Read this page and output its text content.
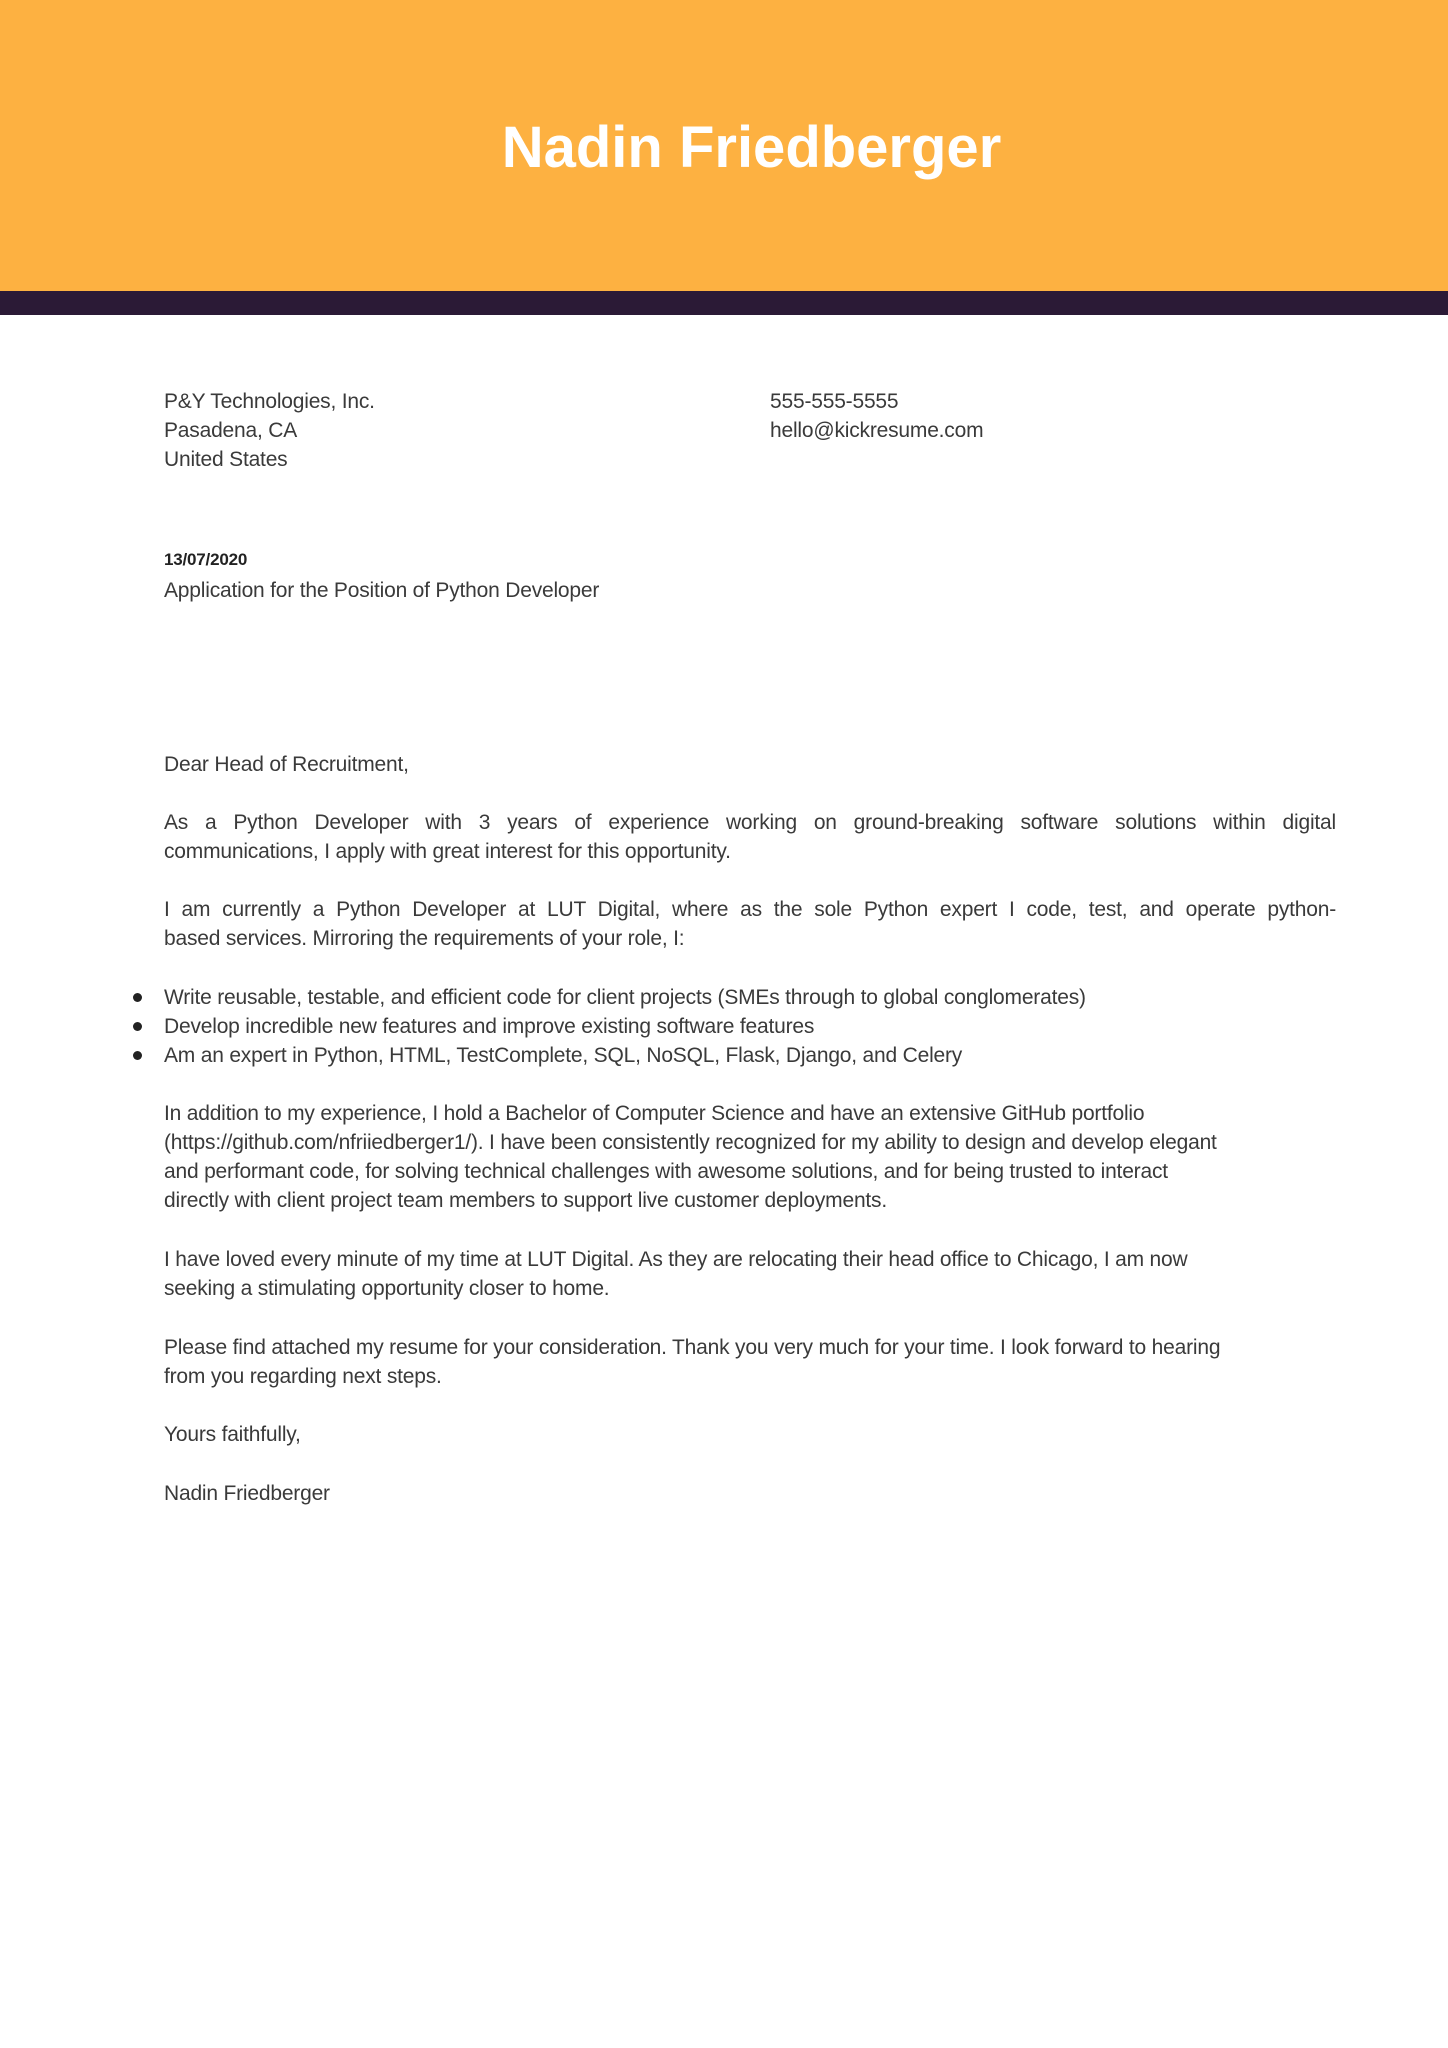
Nadin Friedberger
P&Y Technologies, Inc.
Pasadena, CA
United States
555-555-5555
hello@kickresume.com
13/07/2020
Application for the Position of Python Developer
Dear Head of Recruitment,
As a Python Developer with 3 years of experience working on ground-breaking software solutions within digital
communications, I apply with great interest for this opportunity.
I am currently a Python Developer at LUT Digital, where as the sole Python expert I code, test, and operate python-
based services. Mirroring the requirements of your role, I:
Write reusable, testable, and efficient code for client projects (SMEs through to global conglomerates)
Develop incredible new features and improve existing software features
Am an expert in Python, HTML, TestComplete, SQL, NoSQL, Flask, Django, and Celery
In addition to my experience, I hold a Bachelor of Computer Science and have an extensive GitHub portfolio
(https://github.com/nfriiedberger1/). I have been consistently recognized for my ability to design and develop elegant
and performant code, for solving technical challenges with awesome solutions, and for being trusted to interact
directly with client project team members to support live customer deployments.
I have loved every minute of my time at LUT Digital. As they are relocating their head office to Chicago, I am now
seeking a stimulating opportunity closer to home.
Please find attached my resume for your consideration. Thank you very much for your time. I look forward to hearing
from you regarding next steps.
Yours faithfully,
Nadin Friedberger
